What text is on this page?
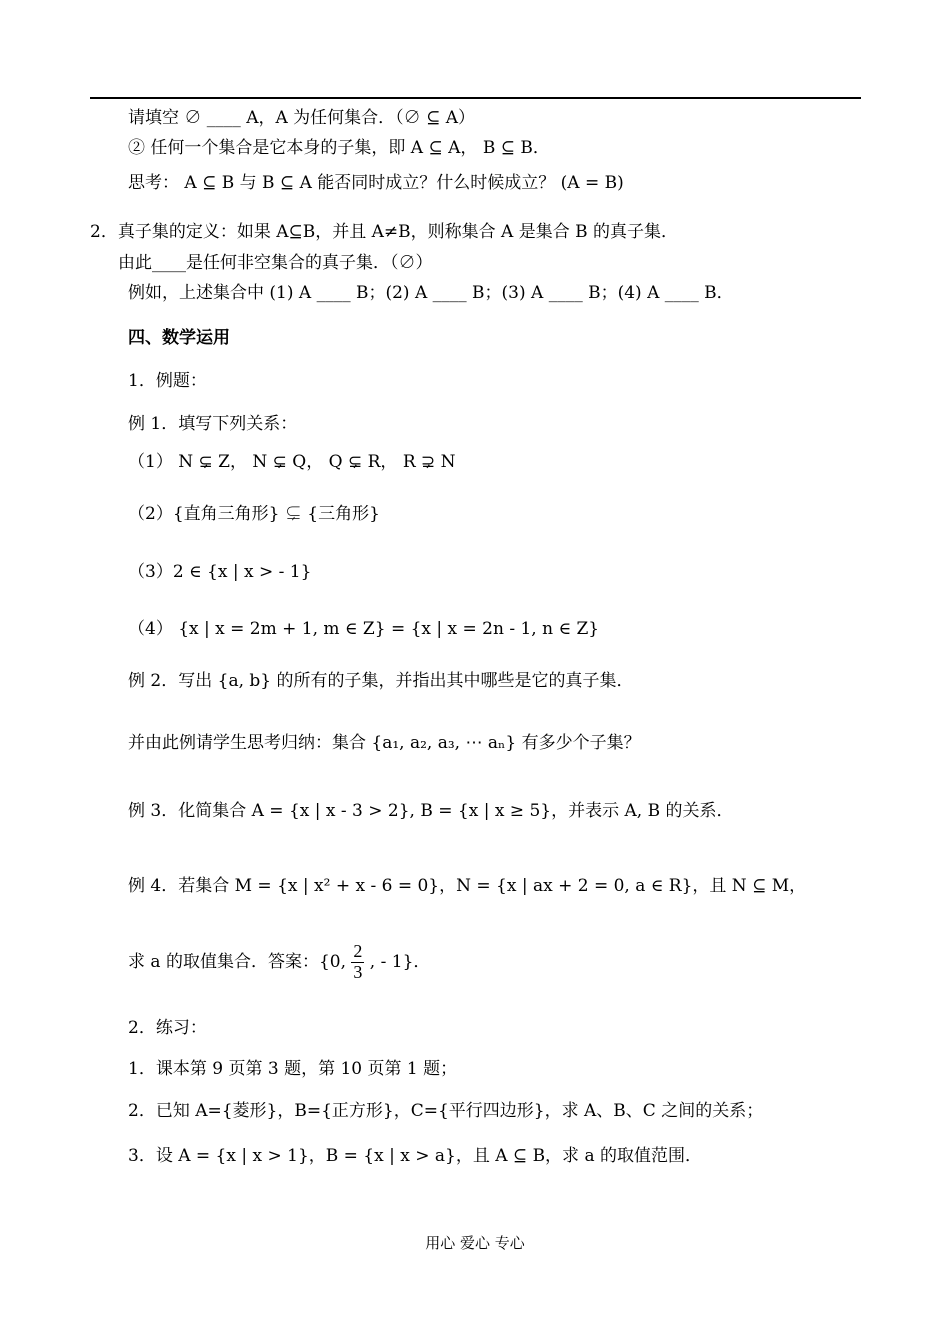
请填空 ∅ ____ A，A 为任何集合．（∅ ⊆ A）
② 任何一个集合是它本身的子集，即 A ⊆ A， B ⊆ B．
思考： A ⊆ B 与 B ⊆ A 能否同时成立？什么时候成立？ (A = B)
2．真子集的定义：如果 A⊆B，并且 A≠B，则称集合 A 是集合 B 的真子集．
由此____是任何非空集合的真子集．（∅）
例如，上述集合中 (1) A ____ B；(2) A ____ B；(3) A ____ B；(4) A ____ B．
四、数学运用
1．例题：
例 1．填写下列关系：
（1） N ⊊ Z， N ⊊ Q， Q ⊊ R， R ⊋ N
（2）{直角三角形} ⊊ {三角形}
（3）2 ∈ {x | x > - 1}
（4） {x | x = 2m + 1, m ∈ Z} = {x | x = 2n - 1, n ∈ Z}
例 2．写出 {a, b} 的所有的子集，并指出其中哪些是它的真子集．
并由此例请学生思考归纳：集合 {a₁, a₂, a₃, ⋯ aₙ} 有多少个子集？
例 3．化简集合 A = {x | x - 3 > 2}, B = {x | x ≥ 5}，并表示 A, B 的关系．
例 4．若集合 M = {x | x² + x - 6 = 0}，N = {x | ax + 2 = 0, a ∈ R}，且 N ⊆ M，
求 a 的取值集合．答案：{0, $\frac{2}{3}$ , - 1}．
2．练习：
1．课本第 9 页第 3 题，第 10 页第 1 题；
2．已知 A={菱形}，B={正方形}，C={平行四边形}，求 A、B、C 之间的关系；
3．设 A = {x | x > 1}，B = {x | x > a}，且 A ⊆ B，求 a 的取值范围．
用心 爱心 专心
